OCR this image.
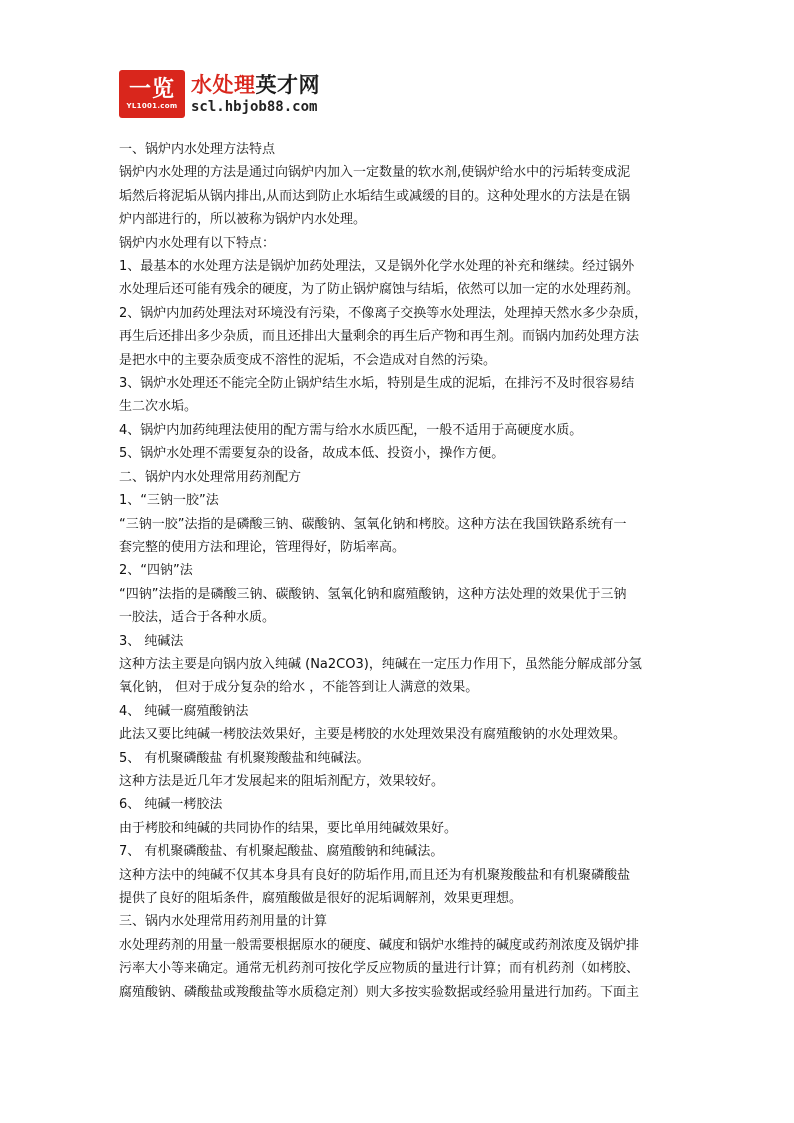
一览
YL1001.com
水处理英才网
scl.hbjob88.com

一、锅炉内水处理方法特点

锅炉内水处理的方法是通过向锅炉内加入一定数量的软水剂,使锅炉给水中的污垢转变成泥

垢然后将泥垢从锅内排出,从而达到防止水垢结生或减缓的目的。这种处理水的方法是在锅

炉内部进行的，所以被称为锅炉内水处理。

锅炉内水处理有以下特点：

1、最基本的水处理方法是锅炉加药处理法，又是锅外化学水处理的补充和继续。经过锅外

水处理后还可能有残余的硬度，为了防止锅炉腐蚀与结垢，依然可以加一定的水处理药剂。

2、锅炉内加药处理法对环境没有污染，不像离子交换等水处理法，处理掉天然水多少杂质，

再生后还排出多少杂质，而且还排出大量剩余的再生后产物和再生剂。而锅内加药处理方法

是把水中的主要杂质变成不溶性的泥垢，不会造成对自然的污染。

3、锅炉水处理还不能完全防止锅炉结生水垢，特别是生成的泥垢，在排污不及时很容易结

生二次水垢。

4、锅炉内加药纯理法使用的配方需与给水水质匹配，一般不适用于高硬度水质。

5、锅炉水处理不需要复杂的设备，故成本低、投资小，操作方便。

二、锅炉内水处理常用药剂配方

1、“三钠一胶”法

“三钠一胶”法指的是磷酸三钠、碳酸钠、氢氧化钠和栲胶。这种方法在我国铁路系统有一

套完整的使用方法和理论，管理得好，防垢率高。

2、“四钠”法

“四钠”法指的是磷酸三钠、碳酸钠、氢氧化钠和腐殖酸钠，这种方法处理的效果优于三钠

一胶法，适合于各种水质。

3、 纯碱法

这种方法主要是向锅内放入纯碱 (Na2CO3)，纯碱在一定压力作用下，虽然能分解成部分氢

氧化钠， 但对于成分复杂的给水 ，不能答到让人满意的效果。

4、 纯碱一腐殖酸钠法

此法又要比纯碱一栲胶法效果好，主要是栲胶的水处理效果没有腐殖酸钠的水处理效果。

5、 有机聚磷酸盐 有机聚羧酸盐和纯碱法。

这种方法是近几年才发展起来的阻垢剂配方，效果较好。

6、 纯碱一栲胶法

由于栲胶和纯碱的共同协作的结果，要比单用纯碱效果好。

7、 有机聚磷酸盐、有机聚起酸盐、腐殖酸钠和纯碱法。

这种方法中的纯碱不仅其本身具有良好的防垢作用,而且还为有机聚羧酸盐和有机聚磷酸盐

提供了良好的阻垢条件，腐殖酸做是很好的泥垢调解剂，效果更理想。

三、锅内水处理常用药剂用量的计算

水处理药剂的用量一般需要根据原水的硬度、碱度和锅炉水维持的碱度或药剂浓度及锅炉排

污率大小等来确定。通常无机药剂可按化学反应物质的量进行计算；而有机药剂（如栲胶、

腐殖酸钠、磷酸盐或羧酸盐等水质稳定剂）则大多按实验数据或经验用量进行加药。下面主
